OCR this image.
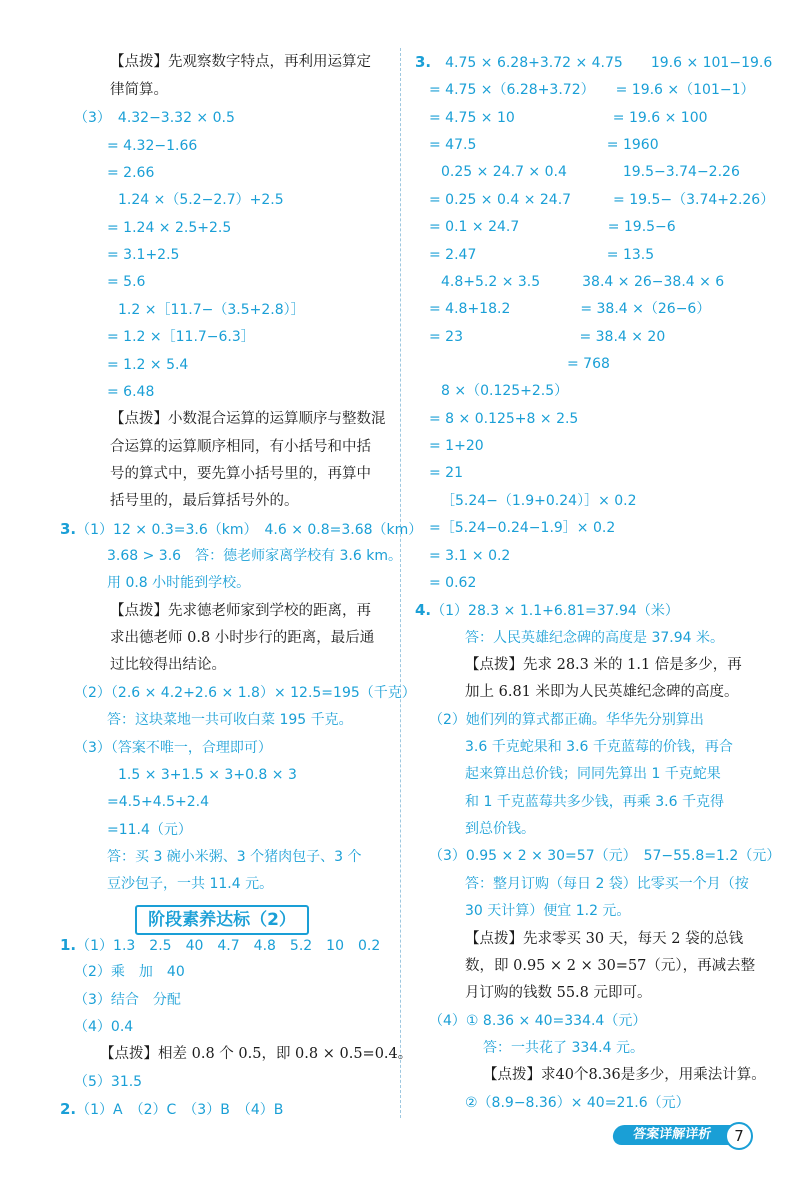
【点拨】先观察数字特点，再利用运算定
律简算。
（3）　4.32−3.32 × 0.5
= 4.32−1.66
= 2.66
1.24 ×（5.2−2.7）+2.5
= 1.24 × 2.5+2.5
= 3.1+2.5
= 5.6
1.2 ×［11.7−（3.5+2.8）］
= 1.2 ×［11.7−6.3］
= 1.2 × 5.4
= 6.48
【点拨】小数混合运算的运算顺序与整数混
合运算的运算顺序相同，有小括号和中括
号的算式中，要先算小括号里的，再算中
括号里的，最后算括号外的。
3.（1）12 × 0.3=3.6（km）　4.6 × 0.8=3.68（km）
3.68 > 3.6　答：德老师家离学校有 3.6 km。
用 0.8 小时能到学校。
【点拨】先求德老师家到学校的距离，再
求出德老师 0.8 小时步行的距离，最后通
过比较得出结论。
（2）（2.6 × 4.2+2.6 × 1.8）× 12.5=195（千克）
答：这块菜地一共可收白菜 195 千克。
（3）（答案不唯一，合理即可）
1.5 × 3+1.5 × 3+0.8 × 3
=4.5+4.5+2.4
=11.4（元）
答：买 3 碗小米粥、3 个猪肉包子、3 个
豆沙包子，一共 11.4 元。
1.（1）1.3　2.5　40　4.7　4.8　5.2　10　0.2
（2）乘　加　40
（3）结合　分配
（4）0.4
【点拨】相差 0.8 个 0.5，即 0.8 × 0.5=0.4。
（5）31.5
2.（1）A　（2）C　（3）B　（4）B
3.　4.75 × 6.28+3.72 × 4.75　　19.6 × 101−19.6
= 4.75 ×（6.28+3.72）　　= 19.6 ×（101−1）
= 4.75 × 10　　　　　　　= 19.6 × 100
= 47.5　　　　　　　　　 = 1960
0.25 × 24.7 × 0.4　　　　19.5−3.74−2.26
= 0.25 × 0.4 × 24.7　　　= 19.5−（3.74+2.26）
= 0.1 × 24.7　　　　　　 = 19.5−6
= 2.47　　　　　　　　　 = 13.5
4.8+5.2 × 3.5　　　38.4 × 26−38.4 × 6
= 4.8+18.2　　　　　= 38.4 ×（26−6）
= 23　　　　　　　　 = 38.4 × 20
= 768
8 ×（0.125+2.5）
= 8 × 0.125+8 × 2.5
= 1+20
= 21
［5.24−（1.9+0.24）］× 0.2
=［5.24−0.24−1.9］× 0.2
= 3.1 × 0.2
= 0.62
4.（1）28.3 × 1.1+6.81=37.94（米）
答：人民英雄纪念碑的高度是 37.94 米。
【点拨】先求 28.3 米的 1.1 倍是多少，再
加上 6.81 米即为人民英雄纪念碑的高度。
（2）她们列的算式都正确。华华先分别算出
3.6 千克蛇果和 3.6 千克蓝莓的价钱，再合
起来算出总价钱；同同先算出 1 千克蛇果
和 1 千克蓝莓共多少钱，再乘 3.6 千克得
到总价钱。
（3）0.95 × 2 × 30=57（元）　57−55.8=1.2（元）
答：整月订购（每日 2 袋）比零买一个月（按
30 天计算）便宜 1.2 元。
【点拨】先求零买 30 天，每天 2 袋的总钱
数，即 0.95 × 2 × 30=57（元），再减去整
月订购的钱数 55.8 元即可。
（4）① 8.36 × 40=334.4（元）
答：一共花了 334.4 元。
【点拨】求40个8.36是多少，用乘法计算。
②（8.9−8.36）× 40=21.6（元）
阶段素养达标（2）
答案详解详析	7
